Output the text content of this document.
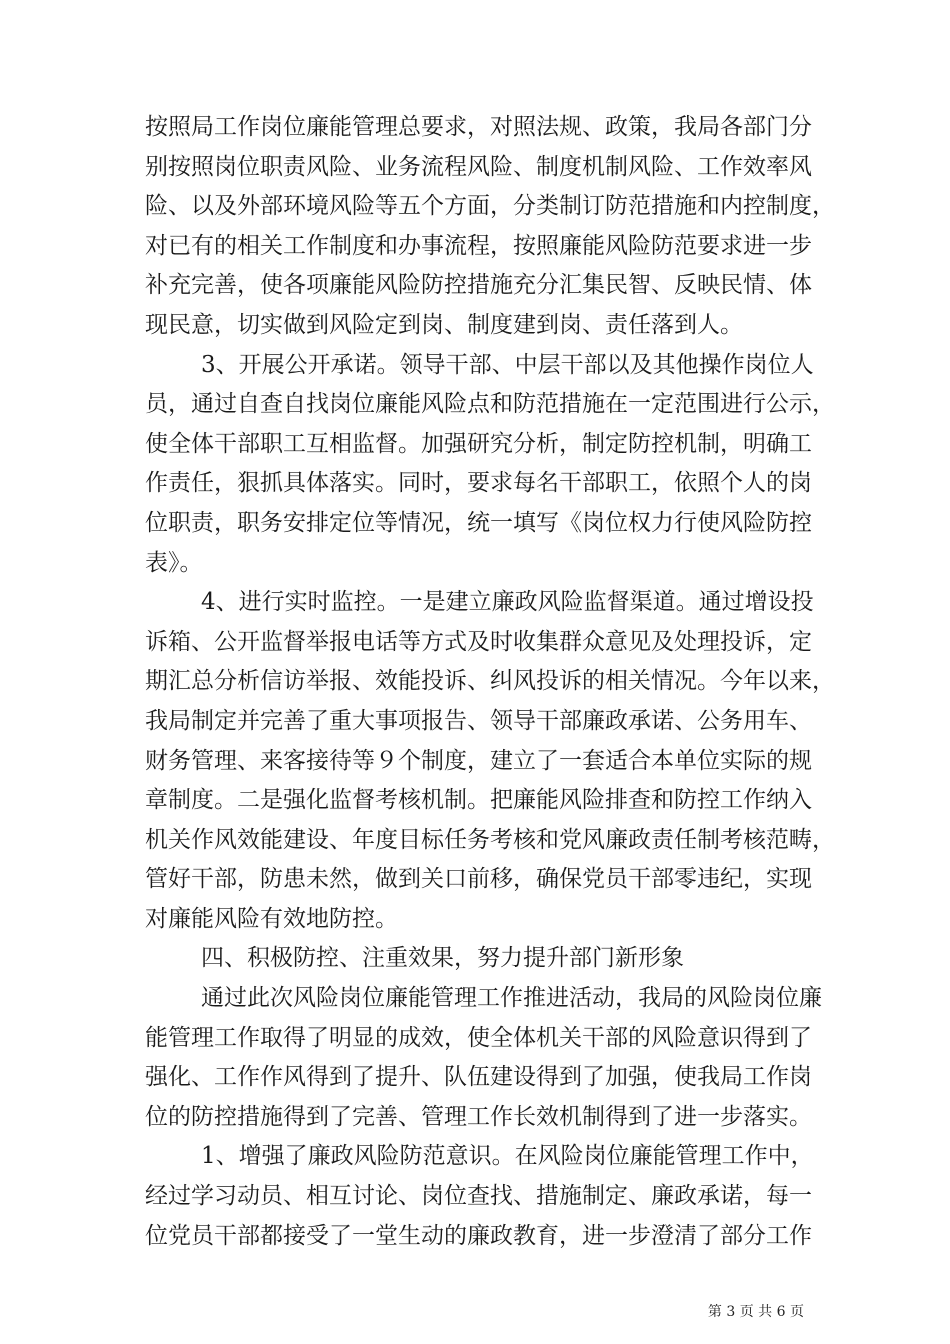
按照局工作岗位廉能管理总要求，对照法规、政策，我局各部门分
别按照岗位职责风险、业务流程风险、制度机制风险、工作效率风
险、以及外部环境风险等五个方面，分类制订防范措施和内控制度，
对已有的相关工作制度和办事流程，按照廉能风险防范要求进一步
补充完善，使各项廉能风险防控措施充分汇集民智、反映民情、体
现民意，切实做到风险定到岗、制度建到岗、责任落到人。
3、开展公开承诺。领导干部、中层干部以及其他操作岗位人
员，通过自查自找岗位廉能风险点和防范措施在一定范围进行公示，
使全体干部职工互相监督。加强研究分析，制定防控机制，明确工
作责任，狠抓具体落实。同时，要求每名干部职工，依照个人的岗
位职责，职务安排定位等情况，统一填写《岗位权力行使风险防控
表》。
4、进行实时监控。一是建立廉政风险监督渠道。通过增设投
诉箱、公开监督举报电话等方式及时收集群众意见及处理投诉，定
期汇总分析信访举报、效能投诉、纠风投诉的相关情况。今年以来，
我局制定并完善了重大事项报告、领导干部廉政承诺、公务用车、
财务管理、来客接待等９个制度，建立了一套适合本单位实际的规
章制度。二是强化监督考核机制。把廉能风险排查和防控工作纳入
机关作风效能建设、年度目标任务考核和党风廉政责任制考核范畴，
管好干部，防患未然，做到关口前移，确保党员干部零违纪，实现
对廉能风险有效地防控。
四、积极防控、注重效果，努力提升部门新形象
通过此次风险岗位廉能管理工作推进活动，我局的风险岗位廉
能管理工作取得了明显的成效，使全体机关干部的风险意识得到了
强化、工作作风得到了提升、队伍建设得到了加强，使我局工作岗
位的防控措施得到了完善、管理工作长效机制得到了进一步落实。
1、增强了廉政风险防范意识。在风险岗位廉能管理工作中，
经过学习动员、相互讨论、岗位查找、措施制定、廉政承诺，每一
位党员干部都接受了一堂生动的廉政教育，进一步澄清了部分工作
第 3 页 共 6 页
